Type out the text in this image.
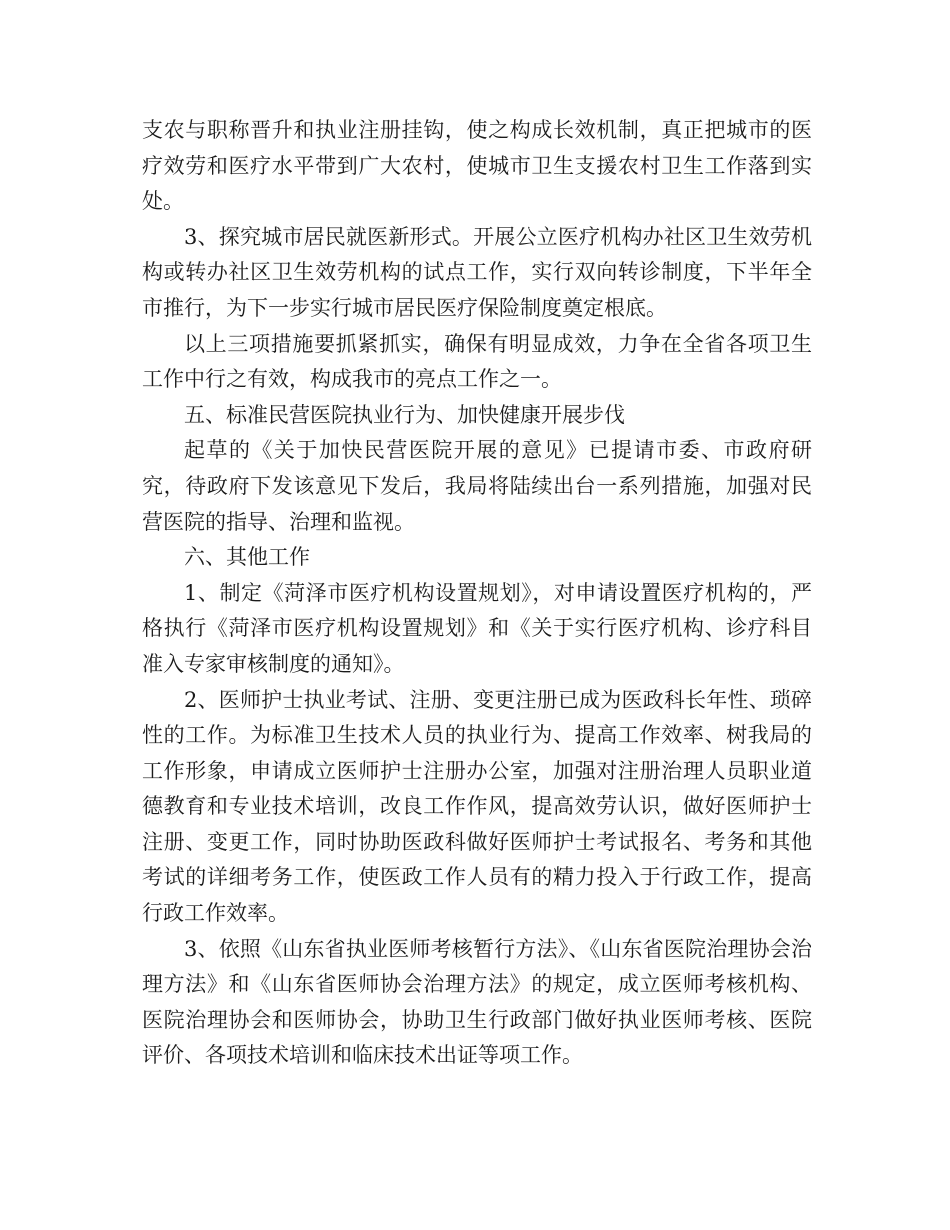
支农与职称晋升和执业注册挂钩，使之构成长效机制，真正把城市的医疗效劳和医疗水平带到广大农村，使城市卫生支援农村卫生工作落到实处。

3、探究城市居民就医新形式。开展公立医疗机构办社区卫生效劳机构或转办社区卫生效劳机构的试点工作，实行双向转诊制度，下半年全市推行，为下一步实行城市居民医疗保险制度奠定根底。

以上三项措施要抓紧抓实，确保有明显成效，力争在全省各项卫生工作中行之有效，构成我市的亮点工作之一。

五、标准民营医院执业行为、加快健康开展步伐

起草的《关于加快民营医院开展的意见》已提请市委、市政府研究，待政府下发该意见下发后，我局将陆续出台一系列措施，加强对民营医院的指导、治理和监视。

六、其他工作

1、制定《菏泽市医疗机构设置规划》，对申请设置医疗机构的，严格执行《菏泽市医疗机构设置规划》和《关于实行医疗机构、诊疗科目准入专家审核制度的通知》。

2、医师护士执业考试、注册、变更注册已成为医政科长年性、琐碎性的工作。为标准卫生技术人员的执业行为、提高工作效率、树我局的工作形象，申请成立医师护士注册办公室，加强对注册治理人员职业道德教育和专业技术培训，改良工作作风，提高效劳认识，做好医师护士注册、变更工作，同时协助医政科做好医师护士考试报名、考务和其他考试的详细考务工作，使医政工作人员有的精力投入于行政工作，提高行政工作效率。

3、依照《山东省执业医师考核暂行方法》、《山东省医院治理协会治理方法》和《山东省医师协会治理方法》的规定，成立医师考核机构、医院治理协会和医师协会，协助卫生行政部门做好执业医师考核、医院评价、各项技术培训和临床技术出证等项工作。
